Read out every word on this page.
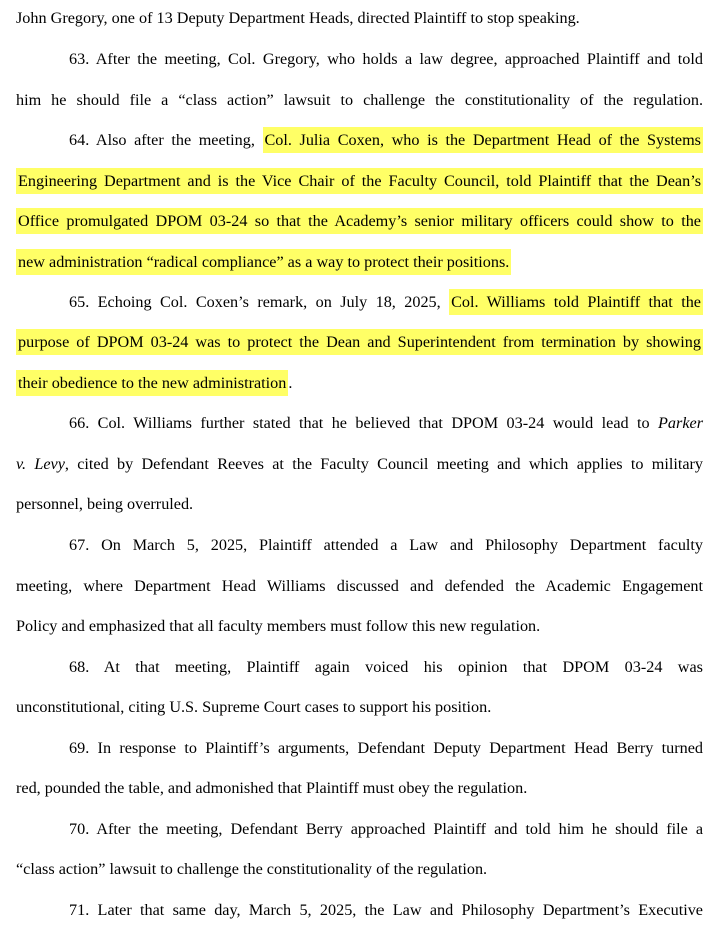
John Gregory, one of 13 Deputy Department Heads, directed Plaintiff to stop speaking.
63. After the meeting, Col. Gregory, who holds a law degree, approached Plaintiff and told
him he should file a “class action” lawsuit to challenge the constitutionality of the regulation.
64. Also after the meeting, Col. Julia Coxen, who is the Department Head of the Systems
Engineering Department and is the Vice Chair of the Faculty Council, told Plaintiff that the Dean’s
Office promulgated DPOM 03-24 so that the Academy’s senior military officers could show to the
new administration “radical compliance” as a way to protect their positions.
65. Echoing Col. Coxen’s remark, on July 18, 2025, Col. Williams told Plaintiff that the
purpose of DPOM 03-24 was to protect the Dean and Superintendent from termination by showing
their obedience to the new administration .
66. Col. Williams further stated that he believed that DPOM 03-24 would lead to Parker
v. Levy, cited by Defendant Reeves at the Faculty Council meeting and which applies to military
personnel, being overruled.
67. On March 5, 2025, Plaintiff attended a Law and Philosophy Department faculty
meeting, where Department Head Williams discussed and defended the Academic Engagement
Policy and emphasized that all faculty members must follow this new regulation.
68. At that meeting, Plaintiff again voiced his opinion that DPOM 03-24 was
unconstitutional, citing U.S. Supreme Court cases to support his position.
69. In response to Plaintiff’s arguments, Defendant Deputy Department Head Berry turned
red, pounded the table, and admonished that Plaintiff must obey the regulation.
70. After the meeting, Defendant Berry approached Plaintiff and told him he should file a
“class action” lawsuit to challenge the constitutionality of the regulation.
71. Later that same day, March 5, 2025, the Law and Philosophy Department’s Executive
